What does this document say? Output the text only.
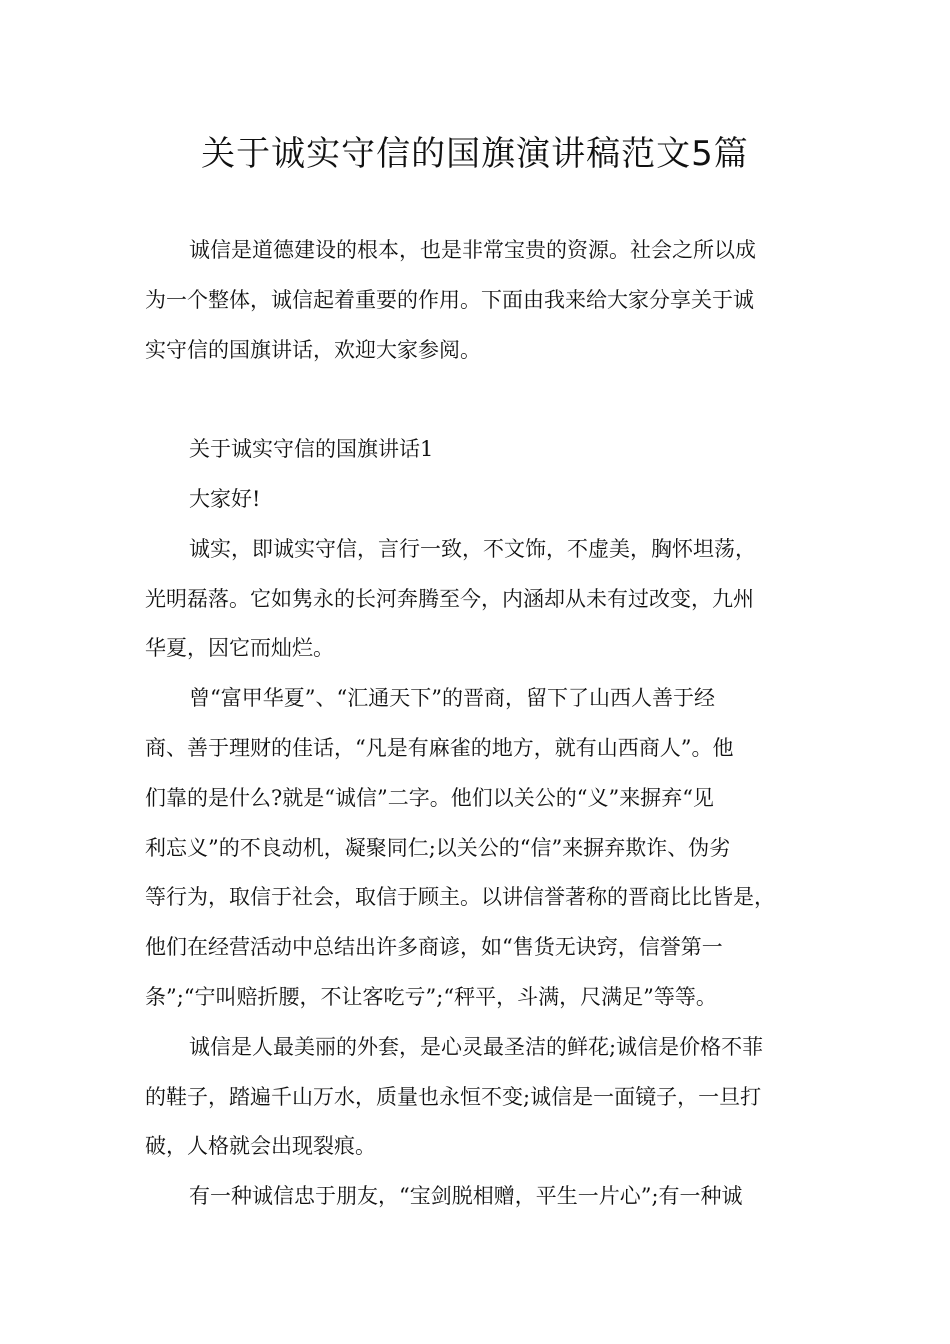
关于诚实守信的国旗演讲稿范文5篇
诚信是道德建设的根本，也是非常宝贵的资源。社会之所以成
为一个整体，诚信起着重要的作用。下面由我来给大家分享关于诚
实守信的国旗讲话，欢迎大家参阅。
关于诚实守信的国旗讲话1
大家好!
诚实，即诚实守信，言行一致，不文饰，不虚美，胸怀坦荡，
光明磊落。它如隽永的长河奔腾至今，内涵却从未有过改变，九州
华夏，因它而灿烂。
曾“富甲华夏”、“汇通天下”的晋商，留下了山西人善于经
商、善于理财的佳话，“凡是有麻雀的地方，就有山西商人”。他
们靠的是什么?就是“诚信”二字。他们以关公的“义”来摒弃“见
利忘义”的不良动机，凝聚同仁;以关公的“信”来摒弃欺诈、伪劣
等行为，取信于社会，取信于顾主。以讲信誉著称的晋商比比皆是，
他们在经营活动中总结出许多商谚，如“售货无诀窍，信誉第一
条”;“宁叫赔折腰，不让客吃亏”;“秤平，斗满，尺满足”等等。
诚信是人最美丽的外套，是心灵最圣洁的鲜花;诚信是价格不菲
的鞋子，踏遍千山万水，质量也永恒不变;诚信是一面镜子，一旦打
破，人格就会出现裂痕。
有一种诚信忠于朋友，“宝剑脱相赠，平生一片心”;有一种诚
